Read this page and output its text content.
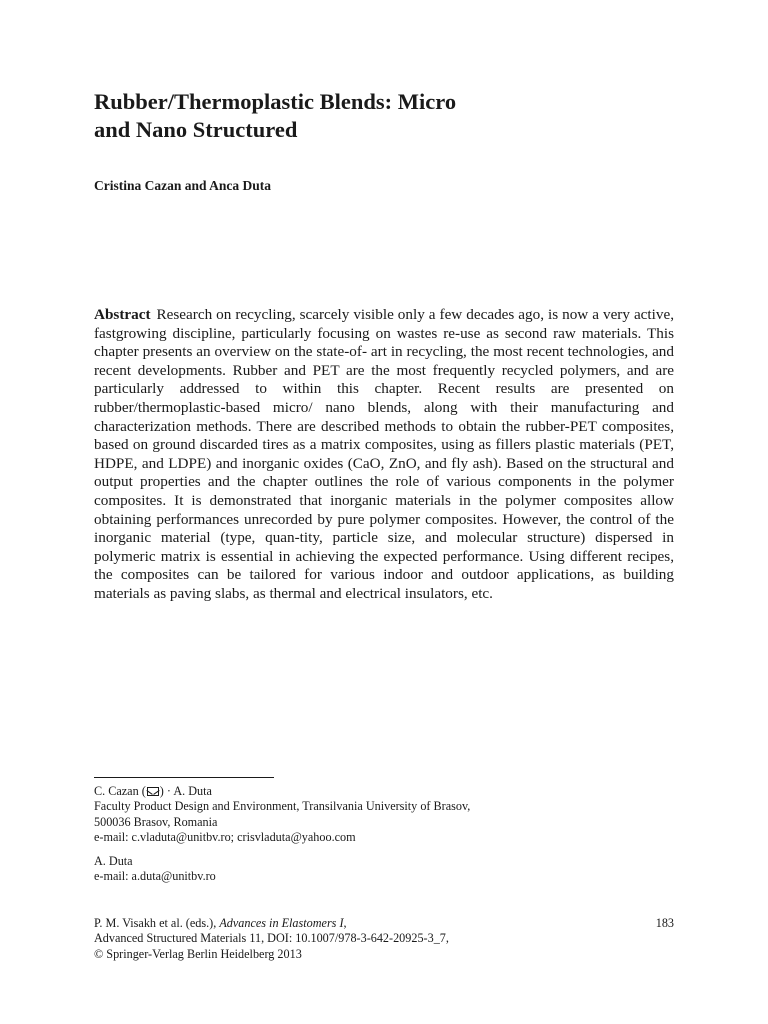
Rubber/Thermoplastic Blends: Micro
and Nano Structured

Cristina Cazan and Anca Duta

Abstract Research on recycling, scarcely visible only a few decades ago, is now a very active, fastgrowing discipline, particularly focusing on wastes re-use as second raw materials. This chapter presents an overview on the state-of- art in recycling, the most recent technologies, and recent developments. Rubber and PET are the most frequently recycled polymers, and are particularly addressed to within this chapter. Recent results are presented on rubber/thermoplastic-based micro/ nano blends, along with their manufacturing and characterization methods. There are described methods to obtain the rubber-PET composites, based on ground discarded tires as a matrix composites, using as fillers plastic materials (PET, HDPE, and LDPE) and inorganic oxides (CaO, ZnO, and fly ash). Based on the structural and output properties and the chapter outlines the role of various components in the polymer composites. It is demonstrated that inorganic materials in the polymer composites allow obtaining performances unrecorded by pure polymer composites. However, the control of the inorganic material (type, quan-tity, particle size, and molecular structure) dispersed in polymeric matrix is essential in achieving the expected performance. Using different recipes, the composites can be tailored for various indoor and outdoor applications, as building materials as paving slabs, as thermal and electrical insulators, etc.

C. Cazan ( ) · A. Duta
Faculty Product Design and Environment, Transilvania University of Brasov,
500036 Brasov, Romania
e-mail: c.vladuta@unitbv.ro; crisvladuta@yahoo.com
A. Duta
e-mail: a.duta@unitbv.ro
P. M. Visakh et al. (eds.), Advances in Elastomers I,
Advanced Structured Materials 11, DOI: 10.1007/978-3-642-20925-3_7,
© Springer-Verlag Berlin Heidelberg 2013
183
